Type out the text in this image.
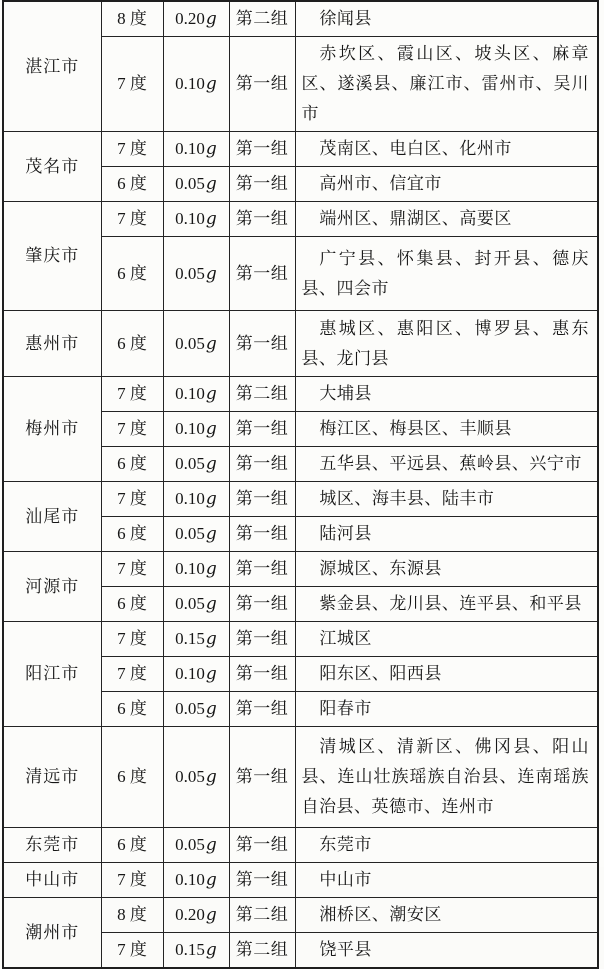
湛江市	8 度	0.20g	第二组	徐闻县
	7 度	0.10g	第一组	赤坎区、霞山区、坡头区、麻章区、遂溪县、廉江市、雷州市、吴川市
茂名市	7 度	0.10g	第一组	茂南区、电白区、化州市
	6 度	0.05g	第一组	高州市、信宜市
肇庆市	7 度	0.10g	第一组	端州区、鼎湖区、高要区
	6 度	0.05g	第一组	广宁县、怀集县、封开县、德庆县、四会市
惠州市	6 度	0.05g	第一组	惠城区、惠阳区、博罗县、惠东县、龙门县
梅州市	7 度	0.10g	第二组	大埔县
	7 度	0.10g	第一组	梅江区、梅县区、丰顺县
	6 度	0.05g	第一组	五华县、平远县、蕉岭县、兴宁市
汕尾市	7 度	0.10g	第一组	城区、海丰县、陆丰市
	6 度	0.05g	第一组	陆河县
河源市	7 度	0.10g	第一组	源城区、东源县
	6 度	0.05g	第一组	紫金县、龙川县、连平县、和平县
阳江市	7 度	0.15g	第一组	江城区
	7 度	0.10g	第一组	阳东区、阳西县
	6 度	0.05g	第一组	阳春市
清远市	6 度	0.05g	第一组	清城区、清新区、佛冈县、阳山县、连山壮族瑶族自治县、连南瑶族自治县、英德市、连州市
东莞市	6 度	0.05g	第一组	东莞市
中山市	7 度	0.10g	第一组	中山市
潮州市	8 度	0.20g	第二组	湘桥区、潮安区
	7 度	0.15g	第二组	饶平县
